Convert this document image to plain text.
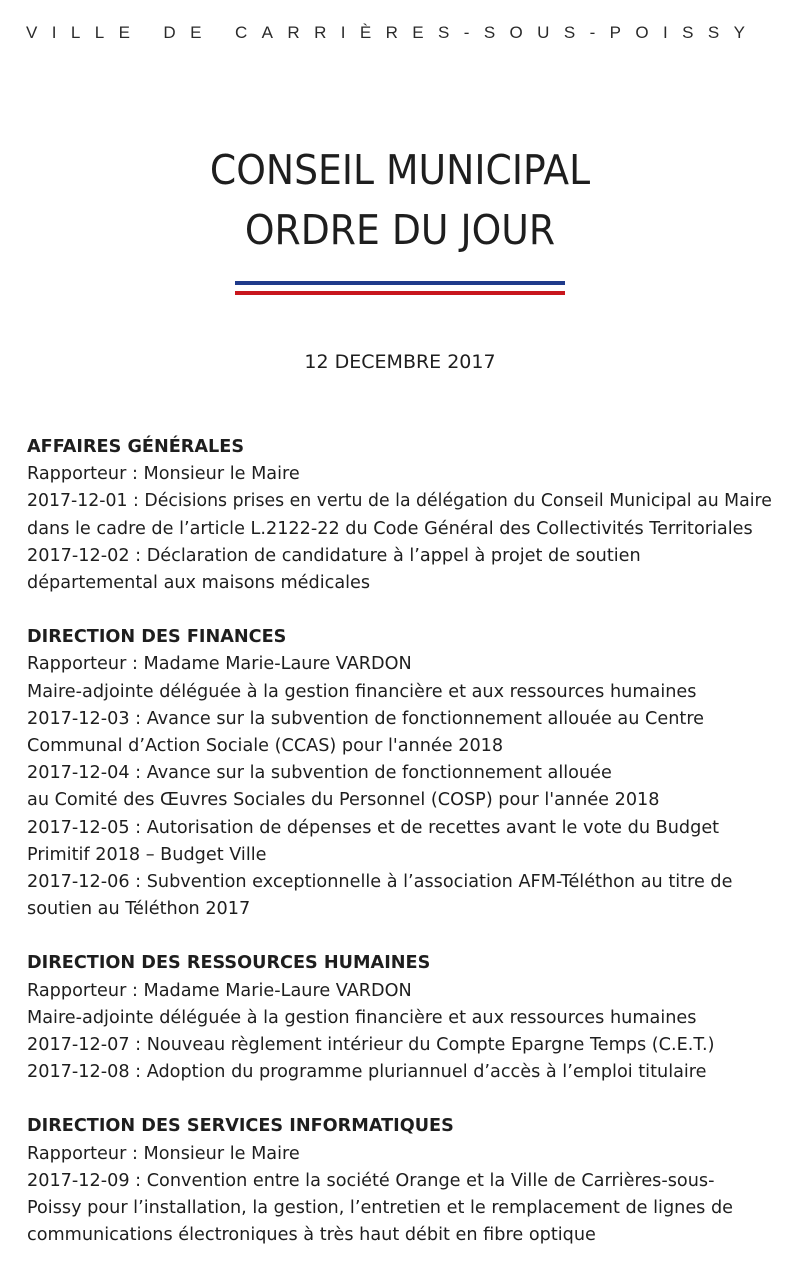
VILLE DE CARRIÈRES-SOUS-POISSY
CONSEIL MUNICIPAL
ORDRE DU JOUR
12 DECEMBRE 2017
AFFAIRES GÉNÉRALES
Rapporteur : Monsieur le Maire
2017-12-01 : Décisions prises en vertu de la délégation du Conseil Municipal au Maire
dans le cadre de l’article L.2122-22 du Code Général des Collectivités Territoriales
2017-12-02 : Déclaration de candidature à l’appel à projet de soutien
départemental aux maisons médicales
DIRECTION DES FINANCES
Rapporteur : Madame Marie-Laure VARDON
Maire-adjointe déléguée à la gestion financière et aux ressources humaines
2017-12-03 : Avance sur la subvention de fonctionnement allouée au Centre
Communal d’Action Sociale (CCAS) pour l'année 2018
2017-12-04 : Avance sur la subvention de fonctionnement allouée
au Comité des Œuvres Sociales du Personnel (COSP) pour l'année 2018
2017-12-05 : Autorisation de dépenses et de recettes avant le vote du Budget
Primitif 2018 – Budget Ville
2017-12-06 : Subvention exceptionnelle à l’association AFM-Téléthon au titre de
soutien au Téléthon 2017
DIRECTION DES RESSOURCES HUMAINES
Rapporteur : Madame Marie-Laure VARDON
Maire-adjointe déléguée à la gestion financière et aux ressources humaines
2017-12-07 : Nouveau règlement intérieur du Compte Epargne Temps (C.E.T.)
2017-12-08 : Adoption du programme pluriannuel d’accès à l’emploi titulaire
DIRECTION DES SERVICES INFORMATIQUES
Rapporteur : Monsieur le Maire
2017-12-09 : Convention entre la société Orange et la Ville de Carrières-sous-
Poissy pour l’installation, la gestion, l’entretien et le remplacement de lignes de
communications électroniques à très haut débit en fibre optique
